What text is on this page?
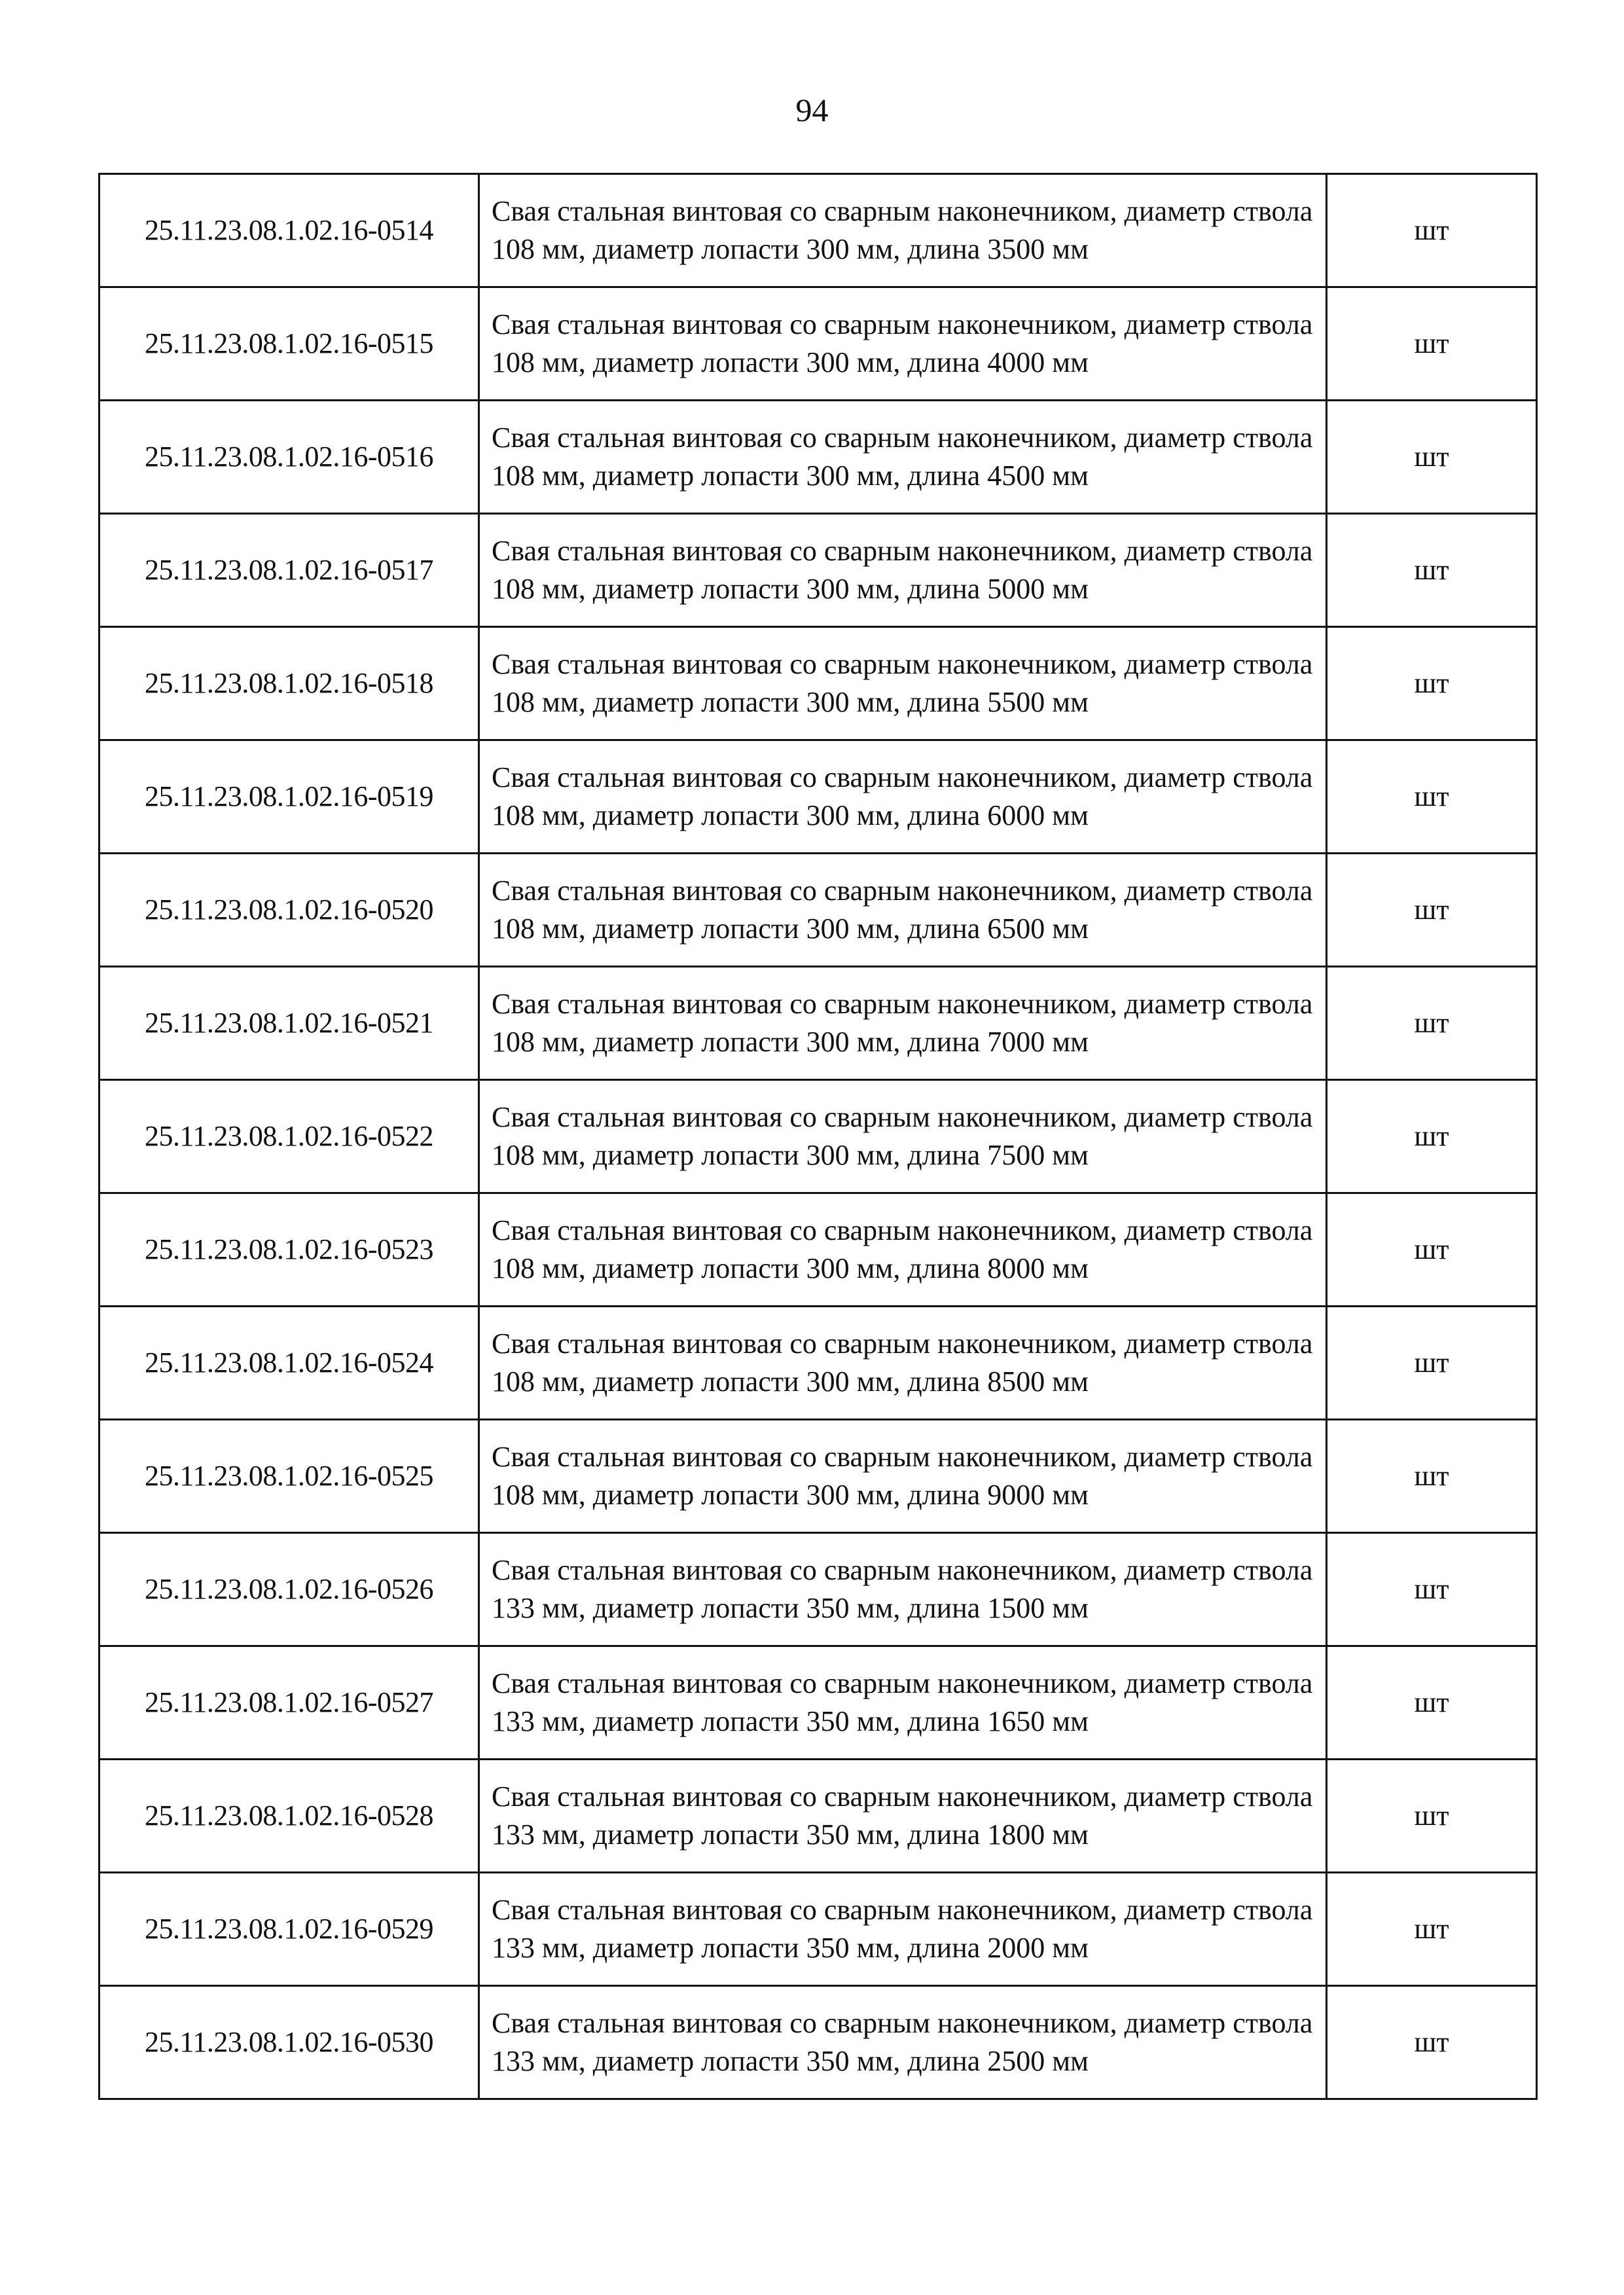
94
25.11.23.08.1.02.16-0514	Свая стальная винтовая со сварным наконечником, диаметр ствола 108 мм, диаметр лопасти 300 мм, длина 3500 мм	шт
25.11.23.08.1.02.16-0515	Свая стальная винтовая со сварным наконечником, диаметр ствола 108 мм, диаметр лопасти 300 мм, длина 4000 мм	шт
25.11.23.08.1.02.16-0516	Свая стальная винтовая со сварным наконечником, диаметр ствола 108 мм, диаметр лопасти 300 мм, длина 4500 мм	шт
25.11.23.08.1.02.16-0517	Свая стальная винтовая со сварным наконечником, диаметр ствола 108 мм, диаметр лопасти 300 мм, длина 5000 мм	шт
25.11.23.08.1.02.16-0518	Свая стальная винтовая со сварным наконечником, диаметр ствола 108 мм, диаметр лопасти 300 мм, длина 5500 мм	шт
25.11.23.08.1.02.16-0519	Свая стальная винтовая со сварным наконечником, диаметр ствола 108 мм, диаметр лопасти 300 мм, длина 6000 мм	шт
25.11.23.08.1.02.16-0520	Свая стальная винтовая со сварным наконечником, диаметр ствола 108 мм, диаметр лопасти 300 мм, длина 6500 мм	шт
25.11.23.08.1.02.16-0521	Свая стальная винтовая со сварным наконечником, диаметр ствола 108 мм, диаметр лопасти 300 мм, длина 7000 мм	шт
25.11.23.08.1.02.16-0522	Свая стальная винтовая со сварным наконечником, диаметр ствола 108 мм, диаметр лопасти 300 мм, длина 7500 мм	шт
25.11.23.08.1.02.16-0523	Свая стальная винтовая со сварным наконечником, диаметр ствола 108 мм, диаметр лопасти 300 мм, длина 8000 мм	шт
25.11.23.08.1.02.16-0524	Свая стальная винтовая со сварным наконечником, диаметр ствола 108 мм, диаметр лопасти 300 мм, длина 8500 мм	шт
25.11.23.08.1.02.16-0525	Свая стальная винтовая со сварным наконечником, диаметр ствола 108 мм, диаметр лопасти 300 мм, длина 9000 мм	шт
25.11.23.08.1.02.16-0526	Свая стальная винтовая со сварным наконечником, диаметр ствола 133 мм, диаметр лопасти 350 мм, длина 1500 мм	шт
25.11.23.08.1.02.16-0527	Свая стальная винтовая со сварным наконечником, диаметр ствола 133 мм, диаметр лопасти 350 мм, длина 1650 мм	шт
25.11.23.08.1.02.16-0528	Свая стальная винтовая со сварным наконечником, диаметр ствола 133 мм, диаметр лопасти 350 мм, длина 1800 мм	шт
25.11.23.08.1.02.16-0529	Свая стальная винтовая со сварным наконечником, диаметр ствола 133 мм, диаметр лопасти 350 мм, длина 2000 мм	шт
25.11.23.08.1.02.16-0530	Свая стальная винтовая со сварным наконечником, диаметр ствола 133 мм, диаметр лопасти 350 мм, длина 2500 мм	шт
